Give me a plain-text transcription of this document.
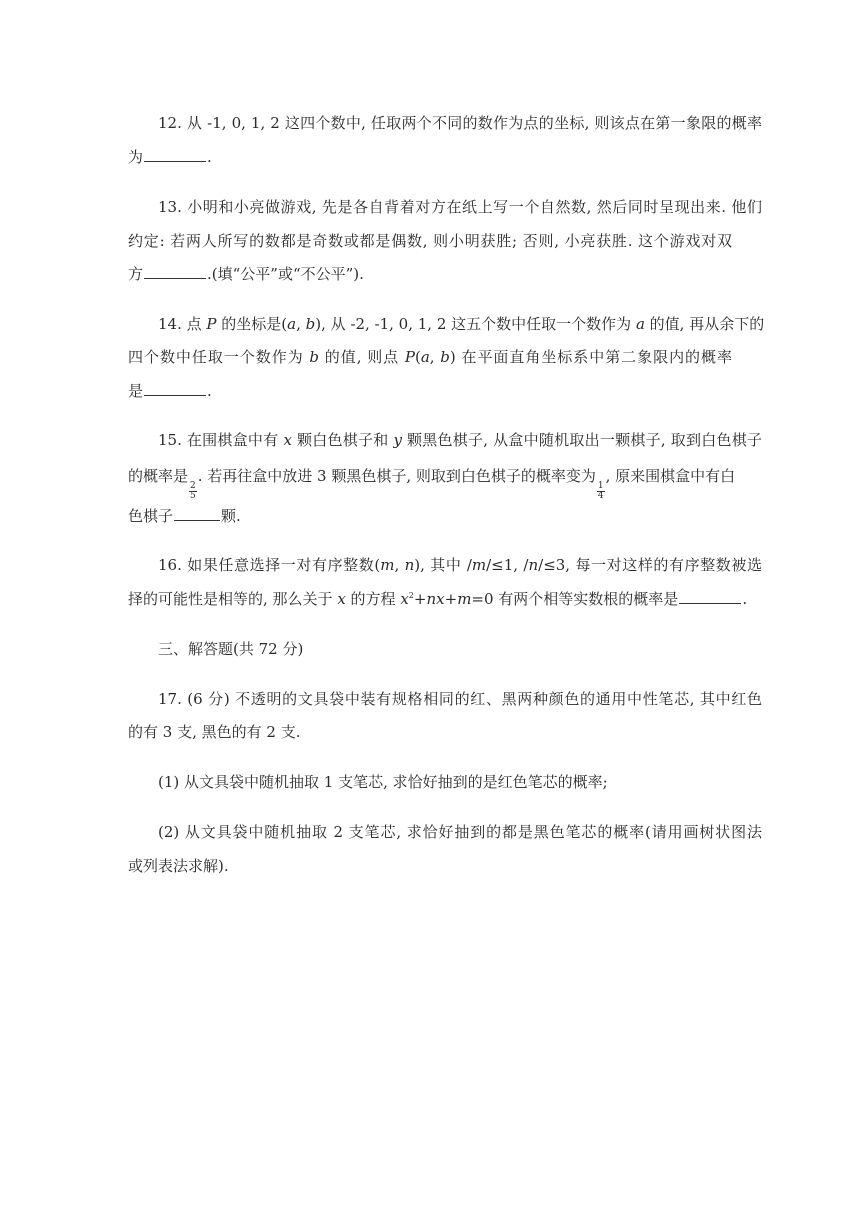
12. 从 -1, 0, 1, 2 这四个数中, 任取两个不同的数作为点的坐标, 则该点在第一象限的概率
为	.
13. 小明和小亮做游戏, 先是各自背着对方在纸上写一个自然数, 然后同时呈现出来. 他们
约定: 若两人所写的数都是奇数或都是偶数, 则小明获胜; 否则, 小亮获胜. 这个游戏对双
方	.(填“公平”或“不公平”).
14. 点 P 的坐标是(a, b), 从 -2, -1, 0, 1, 2 这五个数中任取一个数作为 a 的值, 再从余下的
四个数中任取一个数作为 b 的值, 则点 P(a, b) 在平面直角坐标系中第二象限内的概率
是	.
15. 在围棋盒中有 x 颗白色棋子和 y 颗黑色棋子, 从盒中随机取出一颗棋子, 取到白色棋子
的概率是
$\frac{2}{5}$
. 若再往盒中放进 3 颗黑色棋子, 则取到白色棋子的概率变为
$\frac{1}{4}$
, 原来围棋盒中有白
色棋子	颗.
16. 如果任意选择一对有序整数(m, n), 其中 /m/≤1, /n/≤3, 每一对这样的有序整数被选
择的可能性是相等的, 那么关于 x 的方程 $x^2+nx+m=0$ 有两个相等实数根的概率是	.
三、解答题(共 72 分)
17. (6 分) 不透明的文具袋中装有规格相同的红、黑两种颜色的通用中性笔芯, 其中红色
的有 3 支, 黑色的有 2 支.
(1) 从文具袋中随机抽取 1 支笔芯, 求恰好抽到的是红色笔芯的概率;
(2) 从文具袋中随机抽取 2 支笔芯, 求恰好抽到的都是黑色笔芯的概率(请用画树状图法
或列表法求解).
